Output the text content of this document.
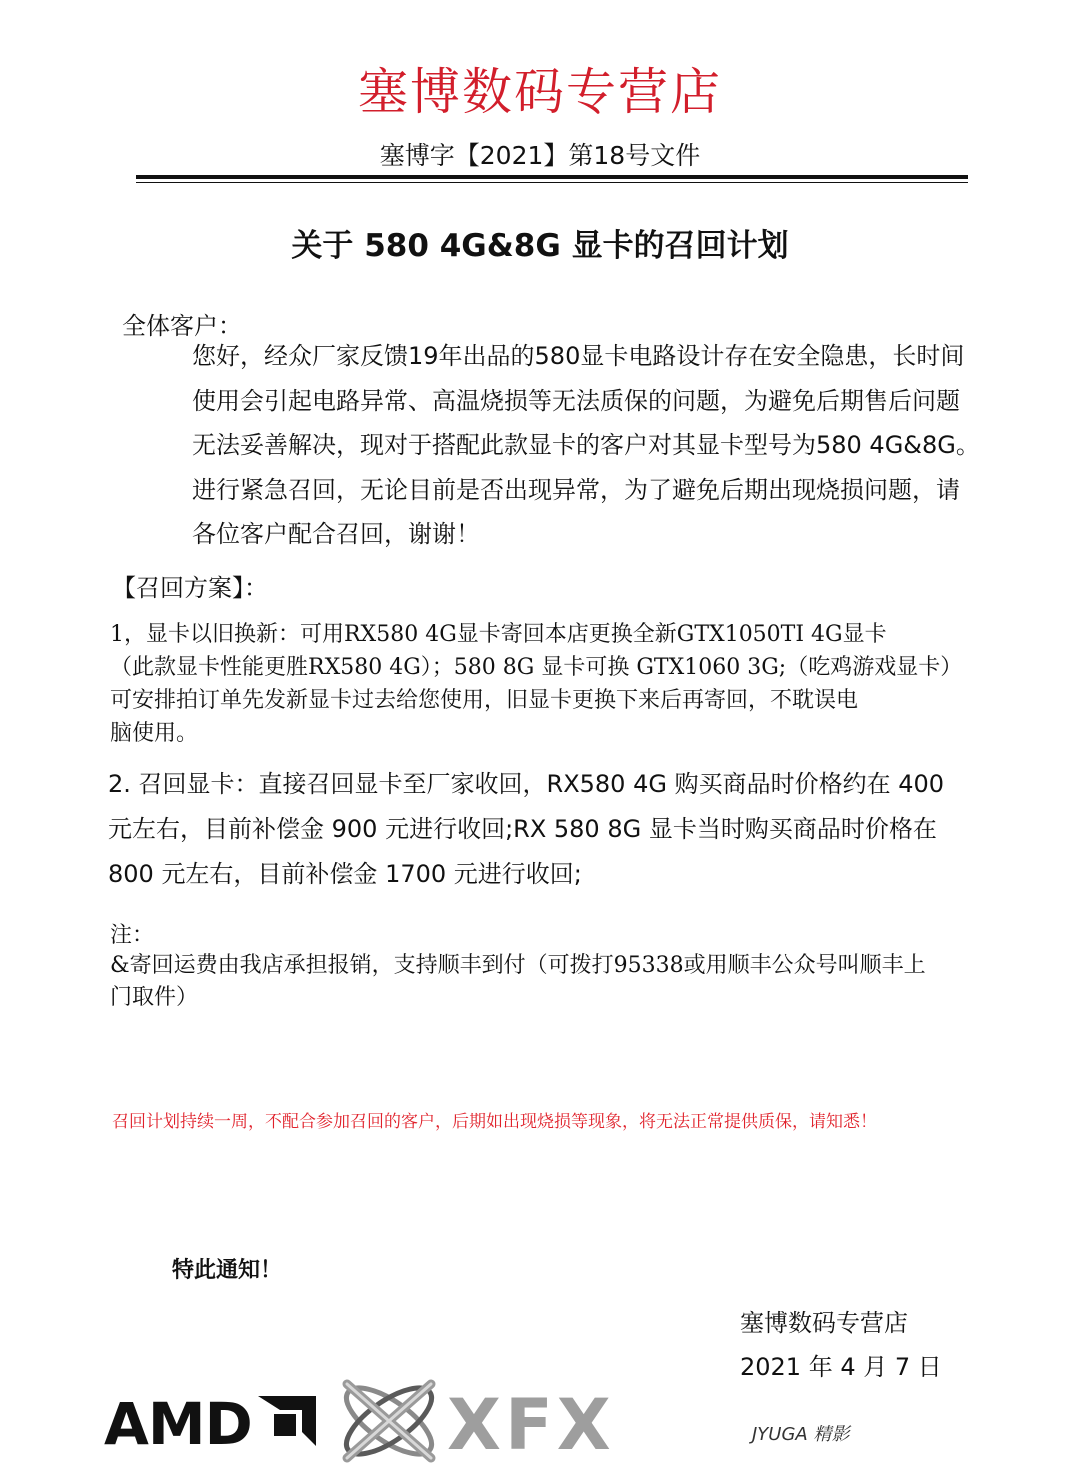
塞博数码专营店
塞博字【2021】第18号文件
关于 580 4G&8G 显卡的召回计划
全体客户：
您好，经众厂家反馈19年出品的580显卡电路设计存在安全隐患，长时间
使用会引起电路异常、高温烧损等无法质保的问题，为避免后期售后问题
无法妥善解决，现对于搭配此款显卡的客户对其显卡型号为580 4G&8G。
进行紧急召回，无论目前是否出现异常，为了避免后期出现烧损问题，请
各位客户配合召回，谢谢！
【召回方案】：
1，显卡以旧换新：可用RX580 4G显卡寄回本店更换全新GTX1050TI 4G显卡
（此款显卡性能更胜RX580 4G）；580 8G 显卡可换 GTX1060 3G;（吃鸡游戏显卡）
可安排拍订单先发新显卡过去给您使用，旧显卡更换下来后再寄回，不耽误电
脑使用。
2. 召回显卡：直接召回显卡至厂家收回，RX580 4G 购买商品时价格约在 400
元左右，目前补偿金 900 元进行收回;RX 580 8G 显卡当时购买商品时价格在
800 元左右，目前补偿金 1700 元进行收回;
注：
&寄回运费由我店承担报销，支持顺丰到付（可拨打95338或用顺丰公众号叫顺丰上
门取件）
召回计划持续一周，不配合参加召回的客户，后期如出现烧损等现象，将无法正常提供质保，请知悉！
特此通知！
塞博数码专营店
2021 年 4 月 7 日
AMD	XFX	JYUGA 精影
